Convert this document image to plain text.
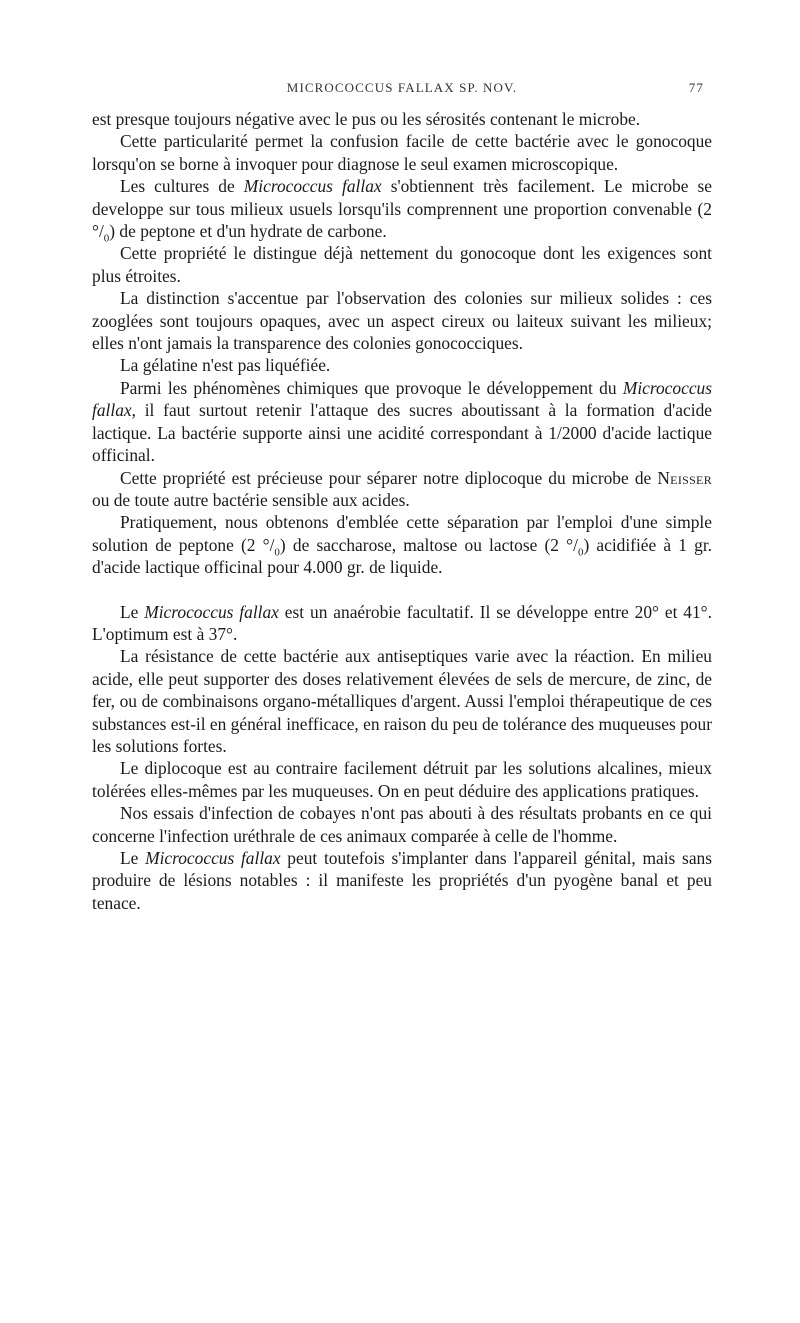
MICROCOCCUS FALLAX SP. NOV.	77

est presque toujours négative avec le pus ou les sérosités contenant le microbe.

Cette particularité permet la confusion facile de cette bactérie avec le gonocoque lorsqu'on se borne à invoquer pour diagnose le seul examen microscopique.

Les cultures de Micrococcus fallax s'obtiennent très facilement. Le microbe se developpe sur tous milieux usuels lorsqu'ils comprennent une proportion convenable (2 $^\circ/_0$) de peptone et d'un hydrate de carbone.

Cette propriété le distingue déjà nettement du gonocoque dont les exigences sont plus étroites.

La distinction s'accentue par l'observation des colonies sur milieux solides : ces zooglées sont toujours opaques, avec un aspect cireux ou laiteux suivant les milieux; elles n'ont jamais la transparence des colonies gonococciques.

La gélatine n'est pas liquéfiée.

Parmi les phénomènes chimiques que provoque le développement du Micrococcus fallax, il faut surtout retenir l'attaque des sucres aboutissant à la formation d'acide lactique. La bactérie supporte ainsi une acidité correspondant à 1/2000 d'acide lactique officinal.

Cette propriété est précieuse pour séparer notre diplocoque du microbe de Neisser ou de toute autre bactérie sensible aux acides.

Pratiquement, nous obtenons d'emblée cette séparation par l'emploi d'une simple solution de peptone (2 $^\circ/_0$) de saccharose, maltose ou lactose (2 $^\circ/_0$) acidifiée à 1 gr. d'acide lactique officinal pour 4.000 gr. de liquide.

Le Micrococcus fallax est un anaérobie facultatif. Il se développe entre 20° et 41°. L'optimum est à 37°.

La résistance de cette bactérie aux antiseptiques varie avec la réaction. En milieu acide, elle peut supporter des doses relativement élevées de sels de mercure, de zinc, de fer, ou de combinaisons organo-métalliques d'argent. Aussi l'emploi thérapeutique de ces substances est-il en général inefficace, en raison du peu de tolérance des muqueuses pour les solutions fortes.

Le diplocoque est au contraire facilement détruit par les solutions alcalines, mieux tolérées elles-mêmes par les muqueuses. On en peut déduire des applications pratiques.

Nos essais d'infection de cobayes n'ont pas abouti à des résultats probants en ce qui concerne l'infection uréthrale de ces animaux comparée à celle de l'homme.

Le Micrococcus fallax peut toutefois s'implanter dans l'appareil génital, mais sans produire de lésions notables : il manifeste les propriétés d'un pyogène banal et peu tenace.
